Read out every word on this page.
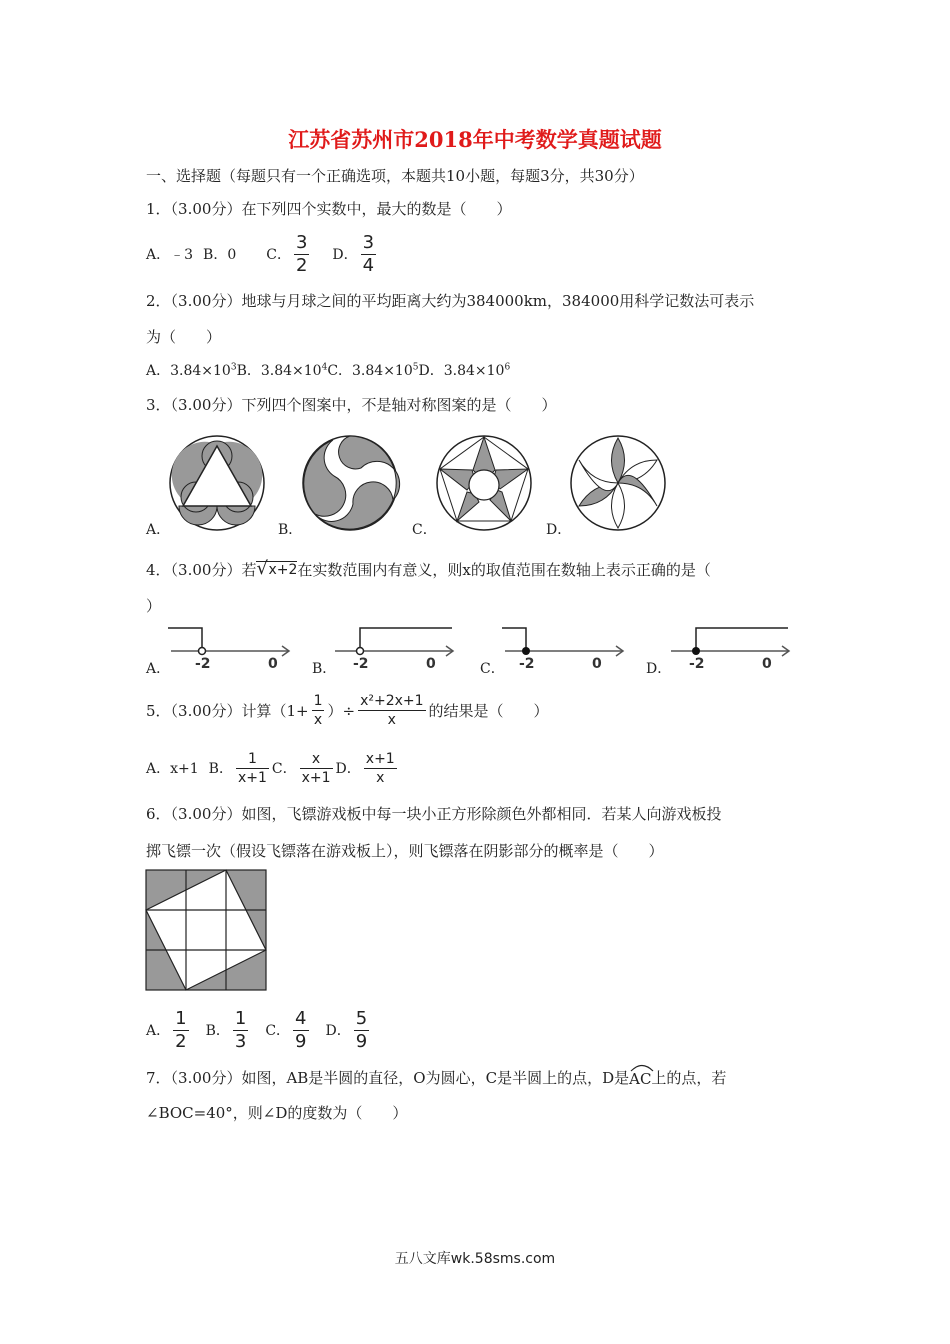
江苏省苏州市2018年中考数学真题试题
一、选择题（每题只有一个正确选项，本题共10小题，每题3分，共30分）
1．（3.00分）在下列四个实数中，最大的数是（　　）
A．﹣3 B．0 C． $\frac{3}{2}$ D． $\frac{3}{4}$
2．（3.00分）地球与月球之间的平均距离大约为384000km，384000用科学记数法可表示
为（　　）
A．$3.84\times 10^3B$．$3.84\times 10^4C$．$3.84\times 10^5D$．$3.84\times 10^6$
3．（3.00分）下列四个图案中，不是轴对称图案的是（　　）
A．	B．	C．	D．
4．（3.00分）若 √ x+2 在实数范围内有意义，则x的取值范围在数轴上表示正确的是（
）
A． -2	0 B． -2	0	C． -2	0	D． -2	0
5．（3.00分）计算（$1+ \frac{1}{x}$ ）÷ $\frac{\text{x²+2x+1}}{x}$ 的结果是（　　）
A．x+1 B． $\frac{1}{x+1}$ C． $\frac{x}{x+1}$ D． $\frac{x+1}{x}$
6．（3.00分）如图，飞镖游戏板中每一块小正方形除颜色外都相同．若某人向游戏板投
掷飞镖一次（假设飞镖落在游戏板上），则飞镖落在阴影部分的概率是（　　）
A． $\frac{1}{2}$ B． $\frac{1}{3}$ C． $\frac{4}{9}$ D． $\frac{5}{9}$
7．（3.00分）如图，AB是半圆的直径，O为圆心，C是半圆上的点，D是 AC 上的点，若
∠BOC=40°，则∠D的度数为（　　）
五八文库wk.58sms.com
